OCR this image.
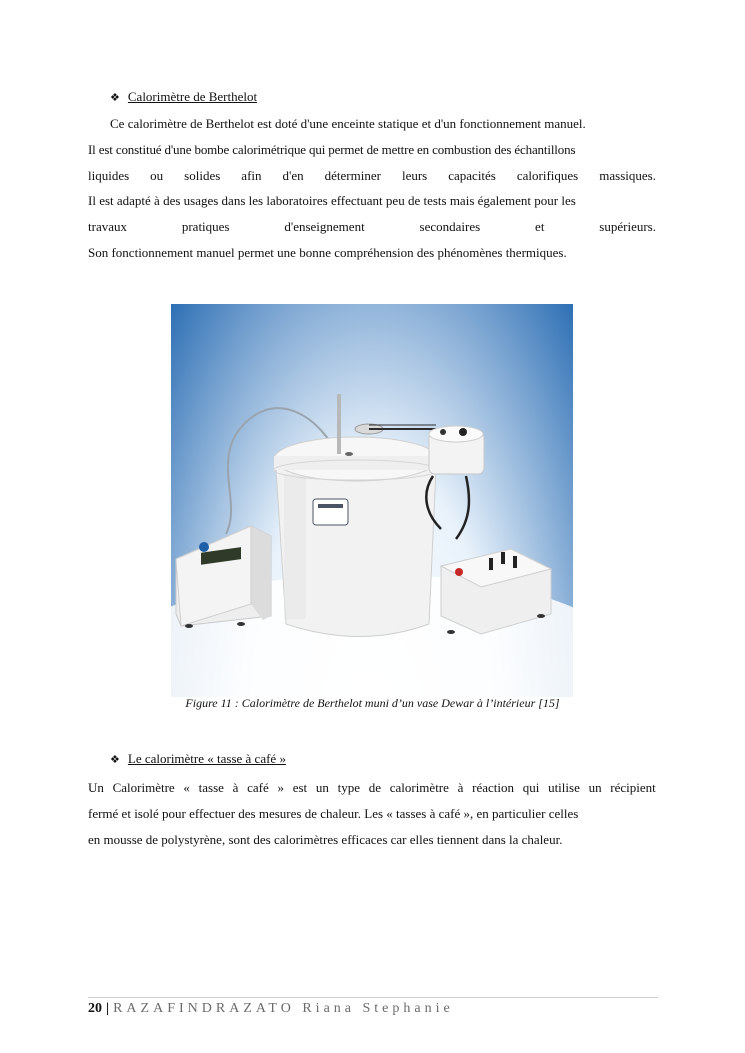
❖ Calorimètre de Berthelot
Ce calorimètre de Berthelot est doté d'une enceinte statique et d'un fonctionnement manuel.
Il est constitué d'une bombe calorimétrique qui permet de mettre en combustion des échantillons
liquides ou solides afin d'en déterminer leurs capacités calorifiques massiques.
Il est adapté à des usages dans les laboratoires effectuant peu de tests mais également pour les
travaux	pratiques	d'enseignement	secondaires	et	supérieurs.
Son fonctionnement manuel permet une bonne compréhension des phénomènes thermiques.
Figure 11 : Calorimètre de Berthelot muni d’un vase Dewar à l’intérieur [15]
❖ Le calorimètre « tasse à café »
Un Calorimètre « tasse à café » est un type de calorimètre à réaction qui utilise un récipient
fermé et isolé pour effectuer des mesures de chaleur. Les « tasses à café », en particulier celles
en mousse de polystyrène, sont des calorimètres efficaces car elles tiennent dans la chaleur.
20 | RAZAFINDRAZATO Riana Stephanie
